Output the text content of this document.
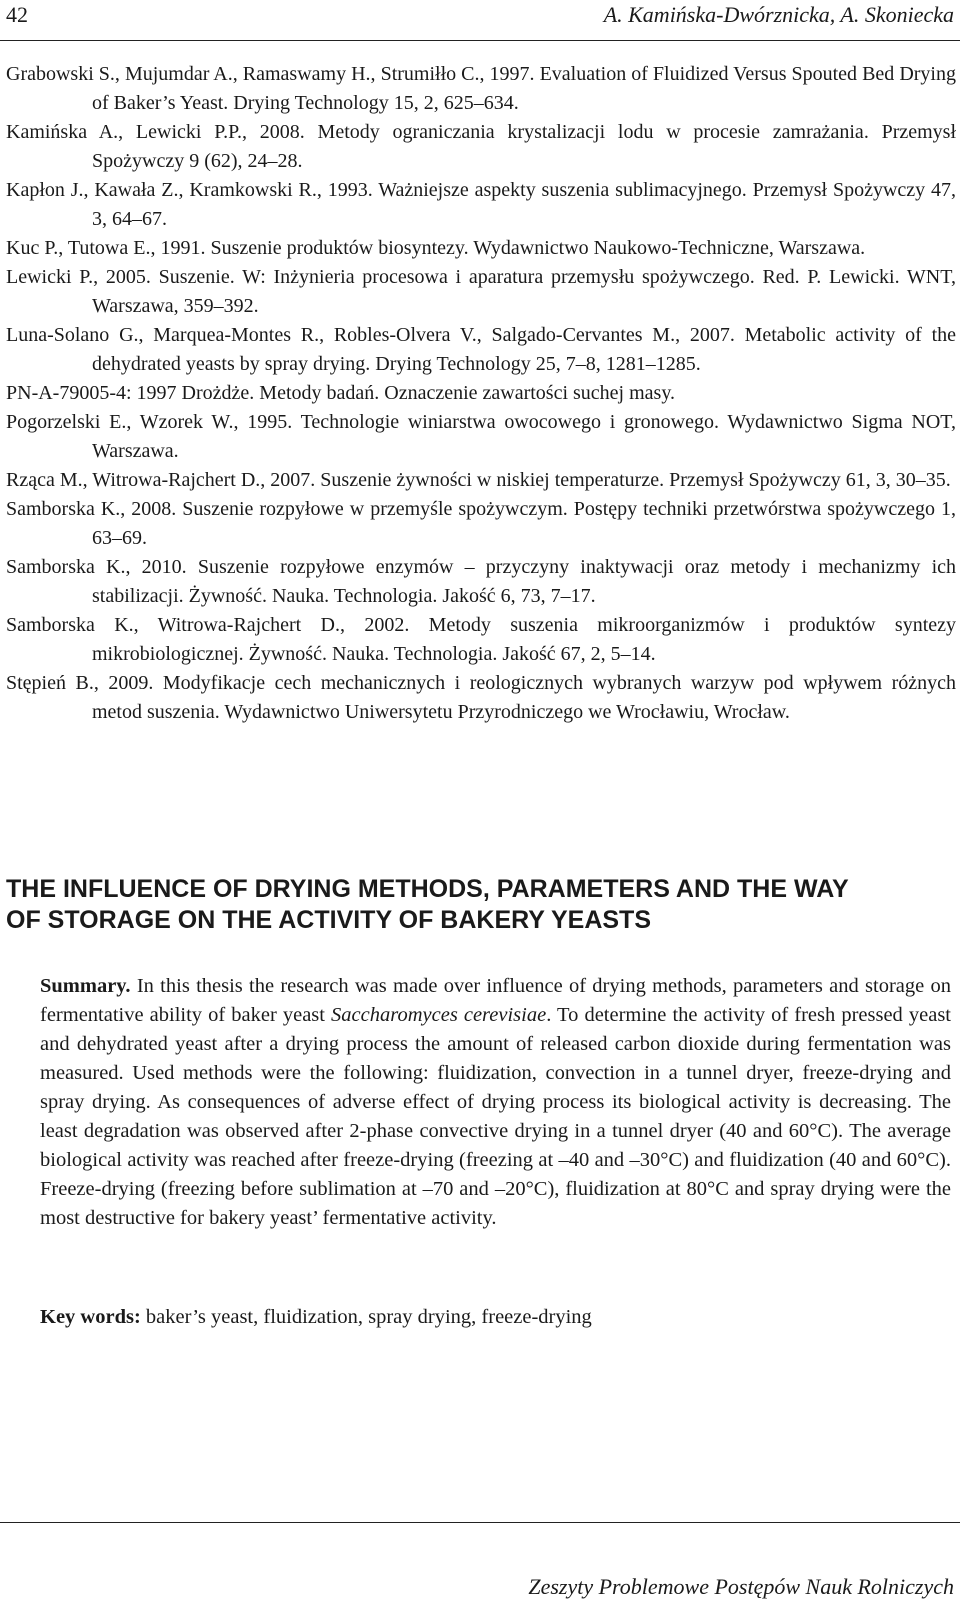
42	A. Kamińska-Dwórznicka, A. Skoniecka

Grabowski S., Mujumdar A., Ramaswamy H., Strumiłło C., 1997. Evaluation of Fluidized Versus Spouted Bed Drying of Baker’s Yeast. Drying Technology 15, 2, 625–634.

Kamińska A., Lewicki P.P., 2008. Metody ograniczania krystalizacji lodu w procesie zamrażania. Przemysł Spożywczy 9 (62), 24–28.

Kapłon J., Kawała Z., Kramkowski R., 1993. Ważniejsze aspekty suszenia sublimacyjnego. Przemysł Spożywczy 47, 3, 64–67.

Kuc P., Tutowa E., 1991. Suszenie produktów biosyntezy. Wydawnictwo Naukowo-Techniczne, Warszawa.

Lewicki P., 2005. Suszenie. W: Inżynieria procesowa i aparatura przemysłu spożywczego. Red. P. Lewicki. WNT, Warszawa, 359–392.

Luna-Solano G., Marquea-Montes R., Robles-Olvera V., Salgado-Cervantes M., 2007. Metabolic activity of the dehydrated yeasts by spray drying. Drying Technology 25, 7–8, 1281–1285.

PN-A-79005-4: 1997 Drożdże. Metody badań. Oznaczenie zawartości suchej masy.

Pogorzelski E., Wzorek W., 1995. Technologie winiarstwa owocowego i gronowego. Wydawnictwo Sigma NOT, Warszawa.

Rząca M., Witrowa-Rajchert D., 2007. Suszenie żywności w niskiej temperaturze. Przemysł Spożywczy 61, 3, 30–35.

Samborska K., 2008. Suszenie rozpyłowe w przemyśle spożywczym. Postępy techniki przetwórstwa spożywczego 1, 63–69.

Samborska K., 2010. Suszenie rozpyłowe enzymów – przyczyny inaktywacji oraz metody i mechanizmy ich stabilizacji. Żywność. Nauka. Technologia. Jakość 6, 73, 7–17.

Samborska K., Witrowa-Rajchert D., 2002. Metody suszenia mikroorganizmów i produktów syntezy mikrobiologicznej. Żywność. Nauka. Technologia. Jakość 67, 2, 5–14.

Stępień B., 2009. Modyfikacje cech mechanicznych i reologicznych wybranych warzyw pod wpływem różnych metod suszenia. Wydawnictwo Uniwersytetu Przyrodniczego we Wrocławiu, Wrocław.

THE INFLUENCE OF DRYING METHODS, PARAMETERS AND THE WAY
OF STORAGE ON THE ACTIVITY OF BAKERY YEASTS

Summary. In this thesis the research was made over influence of drying methods, parameters and storage on fermentative ability of baker yeast Saccharomyces cerevisiae. To determine the activity of fresh pressed yeast and dehydrated yeast after a drying process the amount of released carbon dioxide during fermentation was measured. Used methods were the following: fluidization, convection in a tunnel dryer, freeze-drying and spray drying. As consequences of adverse effect of drying process its biological activity is decreasing. The least degradation was observed after 2-phase convective drying in a tunnel dryer (40 and 60°C). The average biological activity was reached after freeze-drying (freezing at –40 and –30°C) and fluidization (40 and 60°C). Freeze-drying (freezing before sublimation at –70 and –20°C), fluidization at 80°C and spray drying were the most destructive for bakery yeast’ fermentative activity.

Key words: baker’s yeast, fluidization, spray drying, freeze-drying
Zeszyty Problemowe Postępów Nauk Rolniczych
